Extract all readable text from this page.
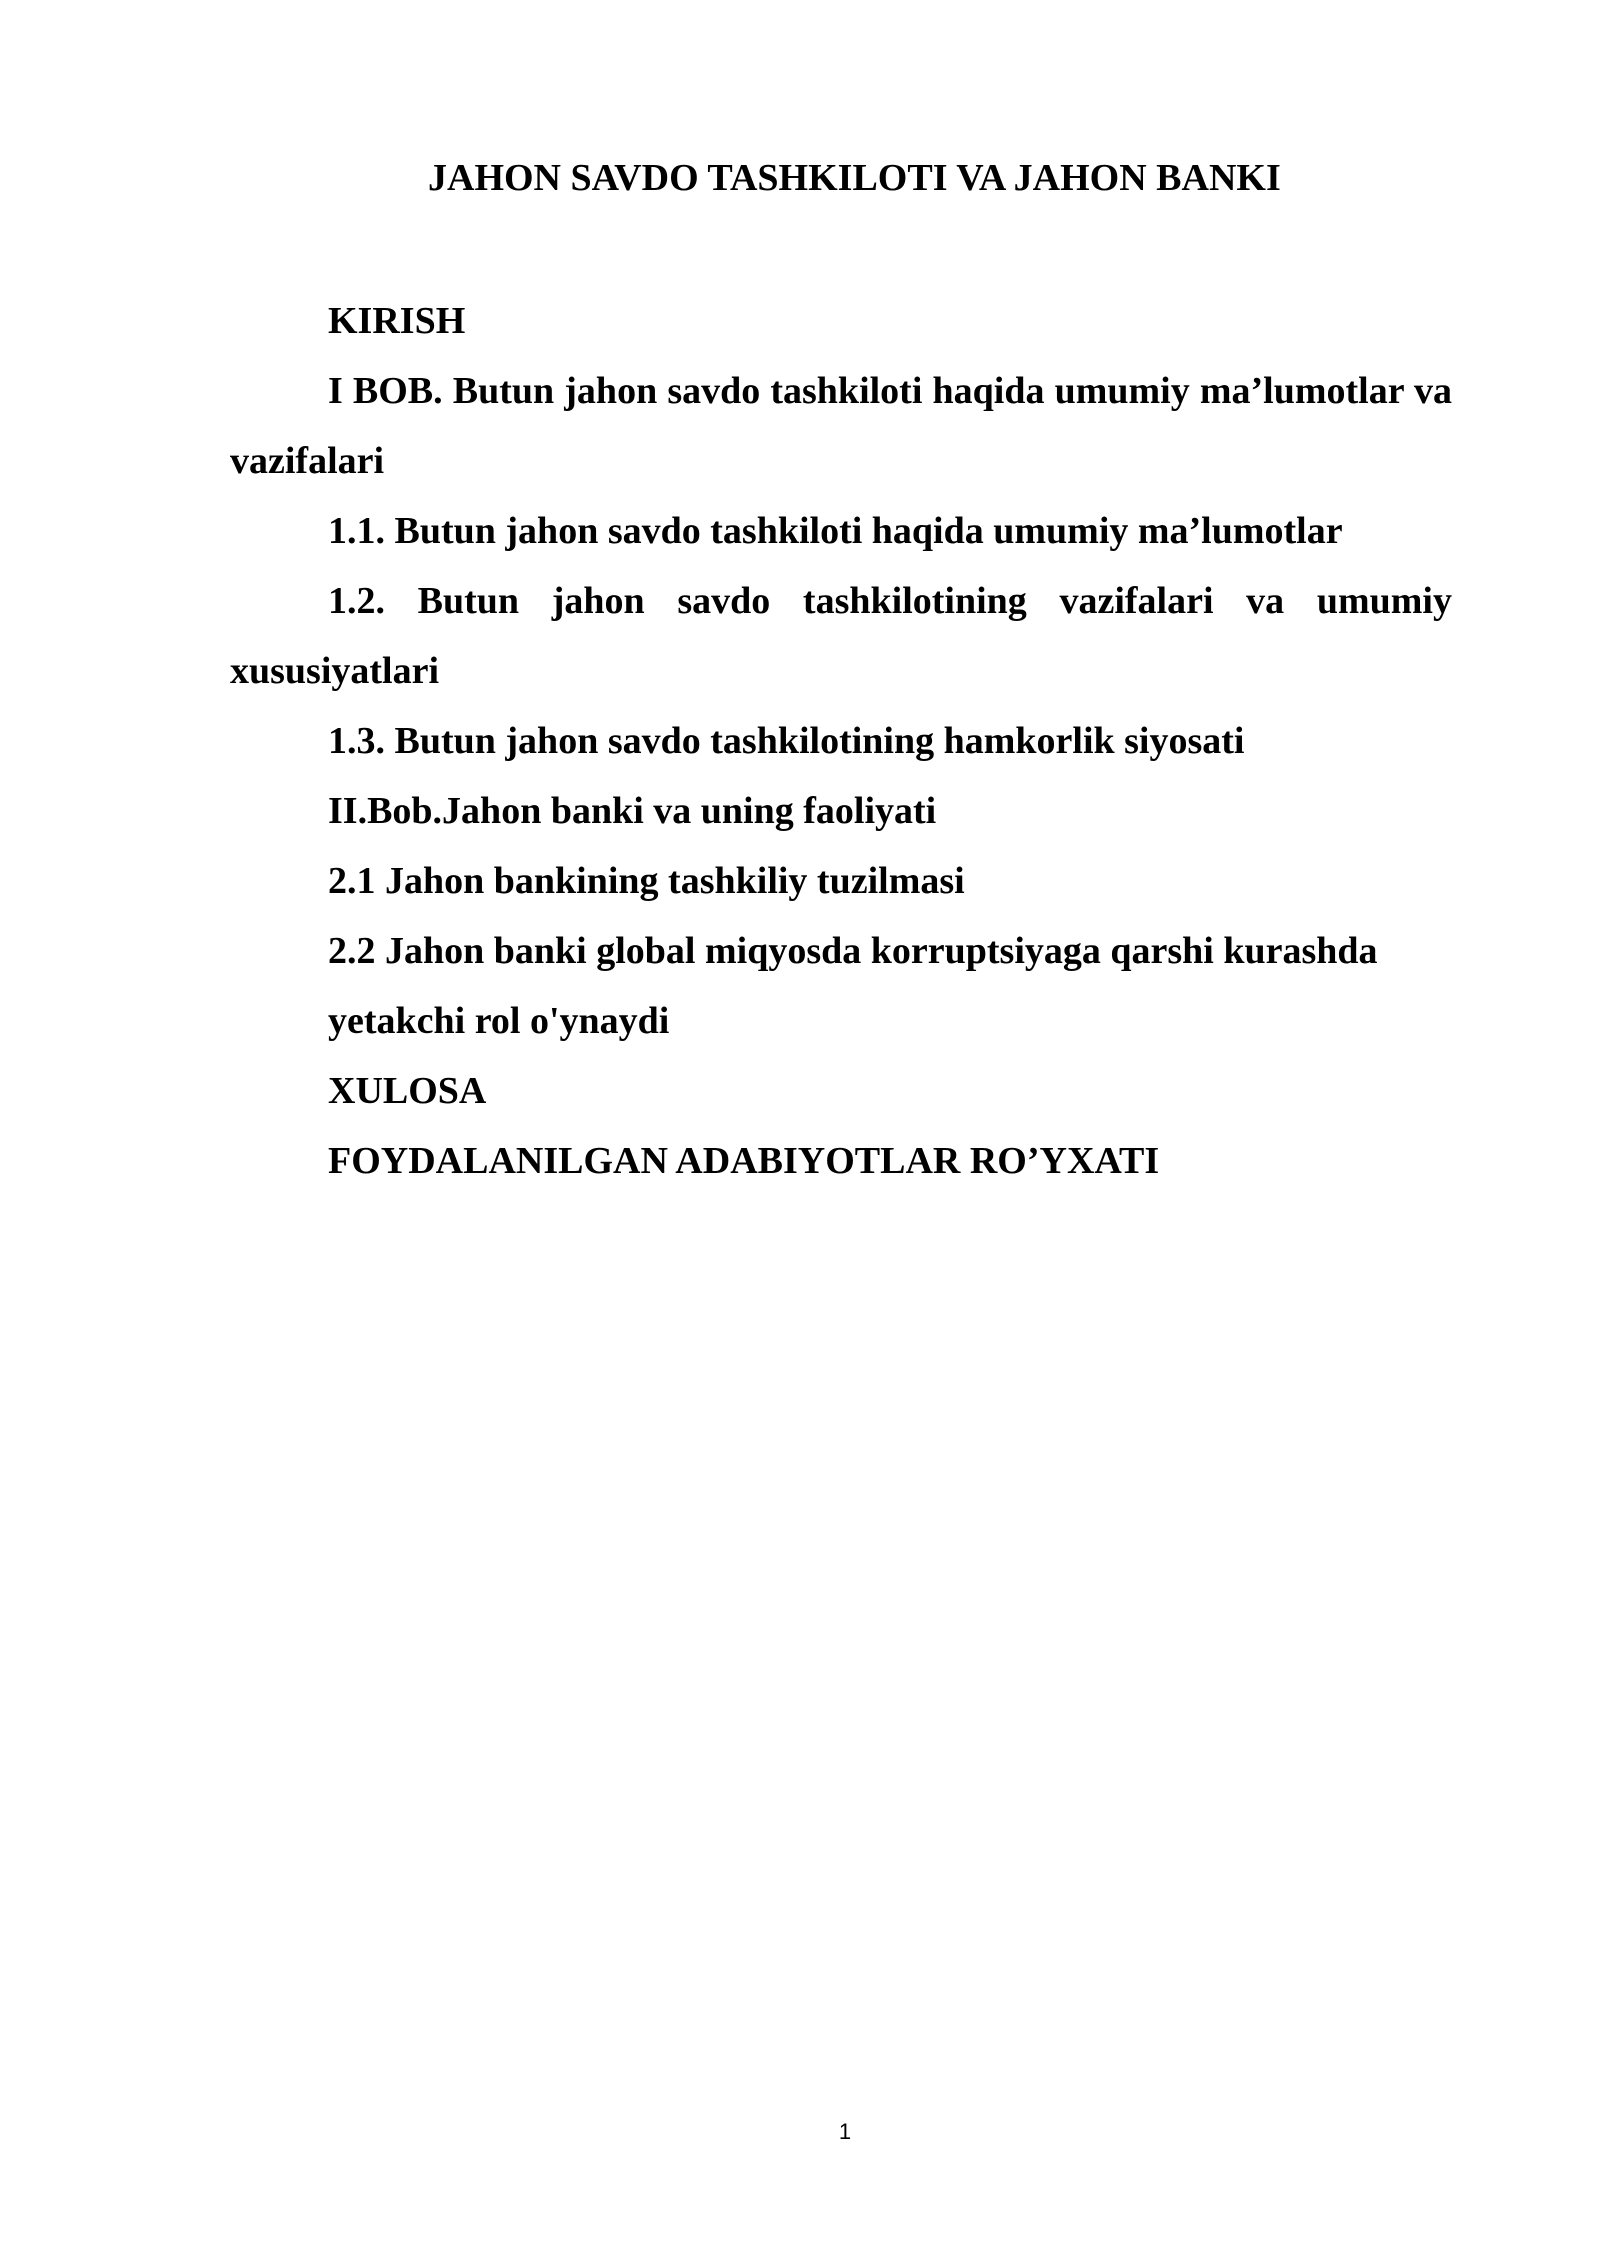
JAHON SAVDO TASHKILOTI VA JAHON BANKI

KIRISH

I BOB. Butun jahon savdo tashkiloti haqida umumiy ma’lumotlar va vazifalari

1.1. Butun jahon savdo tashkiloti haqida umumiy ma’lumotlar

1.2. Butun jahon savdo tashkilotining vazifalari va umumiy xususiyatlari

1.3. Butun jahon savdo tashkilotining hamkorlik siyosati

II.Bob.Jahon banki va uning faoliyati

2.1 Jahon bankining tashkiliy tuzilmasi

2.2 Jahon banki global miqyosda korruptsiyaga qarshi kurashda yetakchi rol o'ynaydi

XULOSA

FOYDALANILGAN ADABIYOTLAR RO’YXATI

1
